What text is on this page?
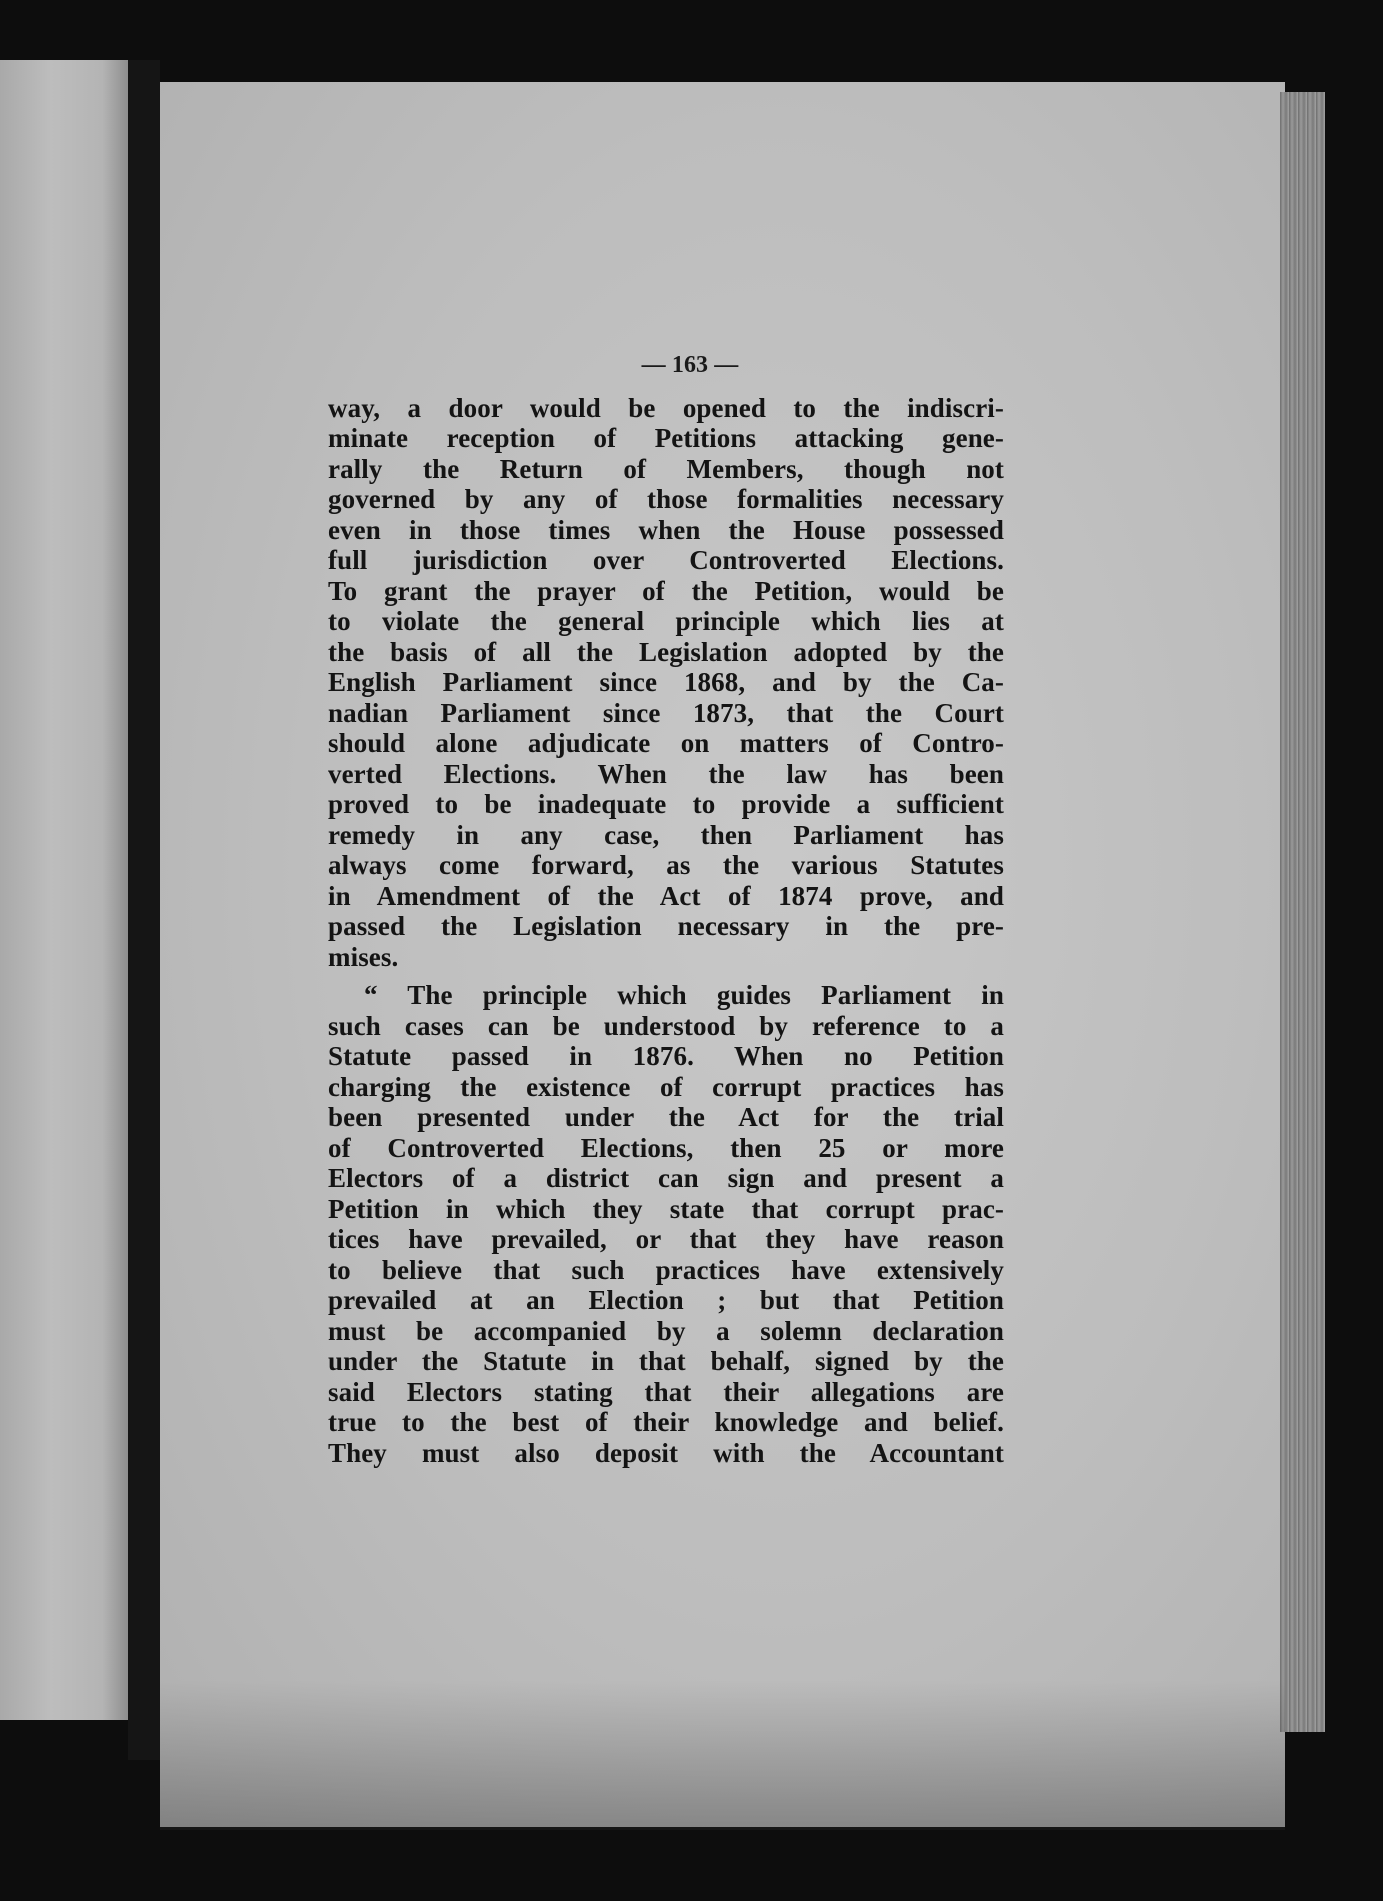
— 163 —

way, a door would be opened to the indiscri-
minate reception of Petitions attacking gene-
rally the Return of Members, though not
governed by any of those formalities necessary
even in those times when the House possessed
full jurisdiction over Controverted Elections.
To grant the prayer of the Petition, would be
to violate the general principle which lies at
the basis of all the Legislation adopted by the
English Parliament since 1868, and by the Ca-
nadian Parliament since 1873, that the Court
should alone adjudicate on matters of Contro-
verted Elections. When the law has been
proved to be inadequate to provide a sufficient
remedy in any case, then Parliament has
always come forward, as the various Statutes
in Amendment of the Act of 1874 prove, and
passed the Legislation necessary in the pre-
mises.

“ The principle which guides Parliament in
such cases can be understood by reference to a
Statute passed in 1876. When no Petition
charging the existence of corrupt practices has
been presented under the Act for the trial
of Controverted Elections, then 25 or more
Electors of a district can sign and present a
Petition in which they state that corrupt prac-
tices have prevailed, or that they have reason
to believe that such practices have extensively
prevailed at an Election ; but that Petition
must be accompanied by a solemn declaration
under the Statute in that behalf, signed by the
said Electors stating that their allegations are
true to the best of their knowledge and belief.
They must also deposit with the Accountant
